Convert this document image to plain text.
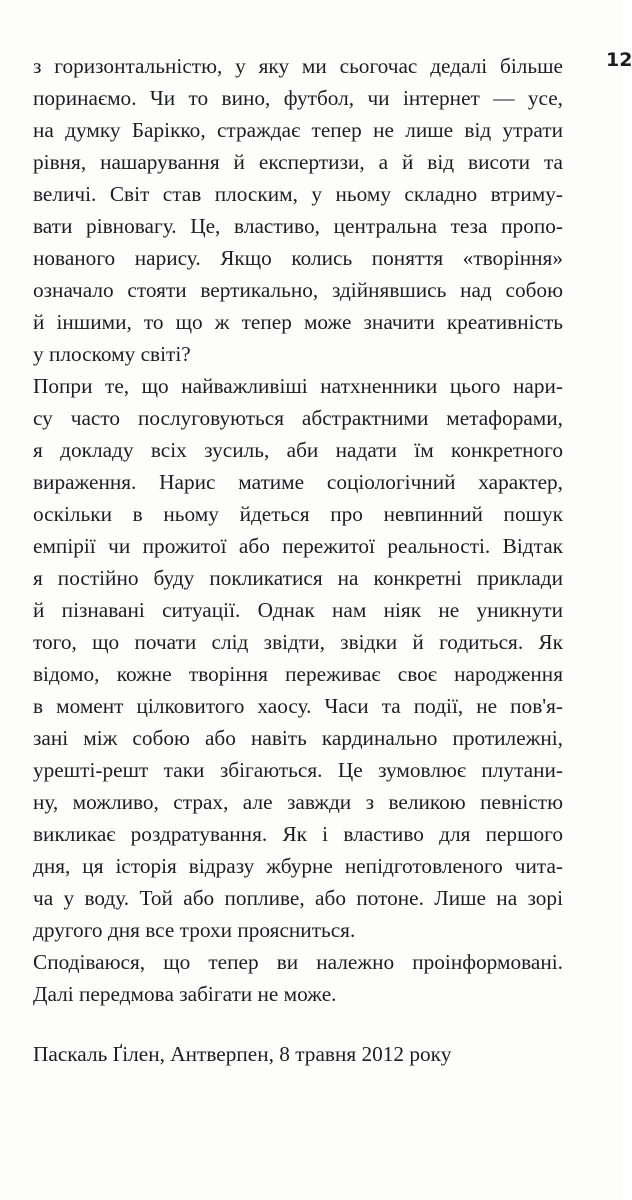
12
з горизонтальністю, у яку ми сьогочас дедалі більше
поринаємо. Чи то вино, футбол, чи інтернет — усе,
на думку Барікко, страждає тепер не лише від утрати
рівня, нашарування й експертизи, а й від висоти та
величі. Світ став плоским, у ньому складно втриму-
вати рівновагу. Це, властиво, центральна теза пропо-
нованого нарису. Якщо колись поняття «творіння»
означало стояти вертикально, здійнявшись над собою
й іншими, то що ж тепер може значити креативність
у плоскому світі?
Попри те, що найважливіші натхненники цього нари-
су часто послуговуються абстрактними метафорами,
я докладу всіх зусиль, аби надати їм конкретного
вираження. Нарис матиме соціологічний характер,
оскільки в ньому йдеться про невпинний пошук
емпірії чи прожитої або пережитої реальності. Відтак
я постійно буду покликатися на конкретні приклади
й пізнавані ситуації. Однак нам ніяк не уникнути
того, що почати слід звідти, звідки й годиться. Як
відомо, кожне творіння переживає своє народження
в момент цілковитого хаосу. Часи та події, не пов'я-
зані між собою або навіть кардинально протилежні,
урешті-решт таки збігаються. Це зумовлює плутани-
ну, можливо, страх, але завжди з великою певністю
викликає роздратування. Як і властиво для першого
дня, ця історія відразу жбурне непідготовленого чита-
ча у воду. Той або попливе, або потоне. Лише на зорі
другого дня все трохи проясниться.
Сподіваюся, що тепер ви належно проінформовані.
Далі передмова забігати не може.
Паскаль Ґілен, Антверпен, 8 травня 2012 року
